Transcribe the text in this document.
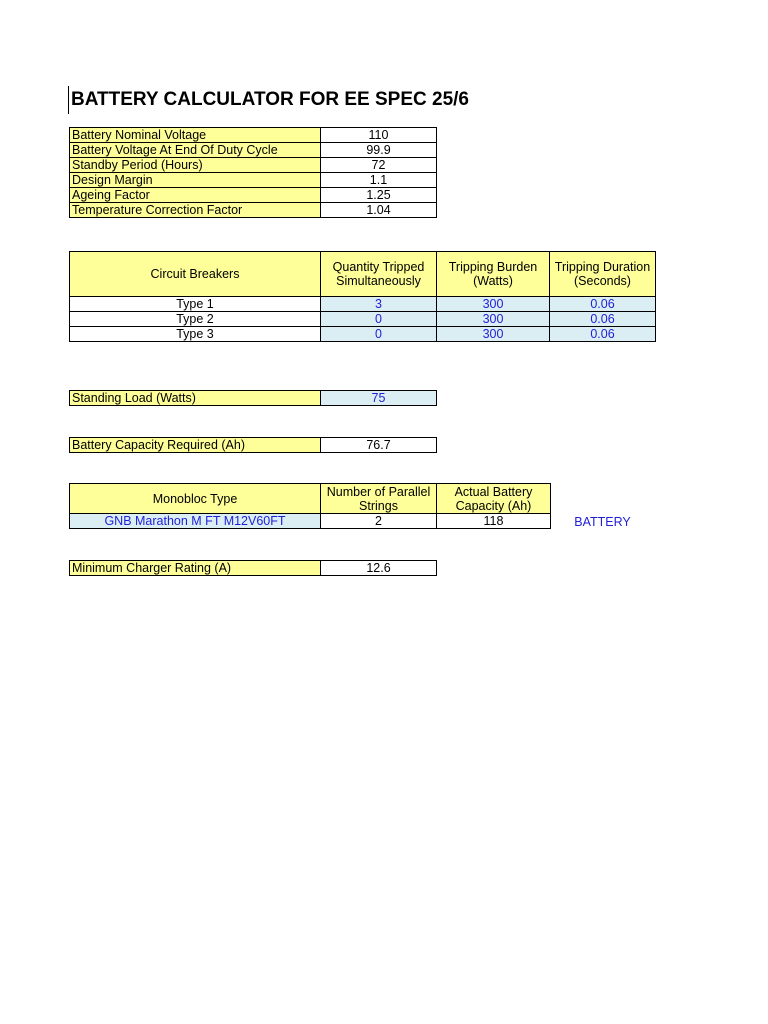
BATTERY CALCULATOR FOR EE SPEC 25/6
Battery Nominal Voltage	110
Battery Voltage At End Of Duty Cycle	99.9
Standby Period (Hours)	72
Design Margin	1.1
Ageing Factor	1.25
Temperature Correction Factor	1.04
Circuit Breakers	Quantity Tripped Simultaneously	Tripping Burden (Watts)	Tripping Duration (Seconds)
Type 1	3	300	0.06
Type 2	0	300	0.06
Type 3	0	300	0.06
Standing Load (Watts)	75
Battery Capacity Required (Ah)	76.7
Monobloc Type	Number of Parallel Strings	Actual Battery Capacity (Ah)
GNB Marathon M FT M12V60FT	2	118	BATTERY
Minimum Charger Rating (A)	12.6
